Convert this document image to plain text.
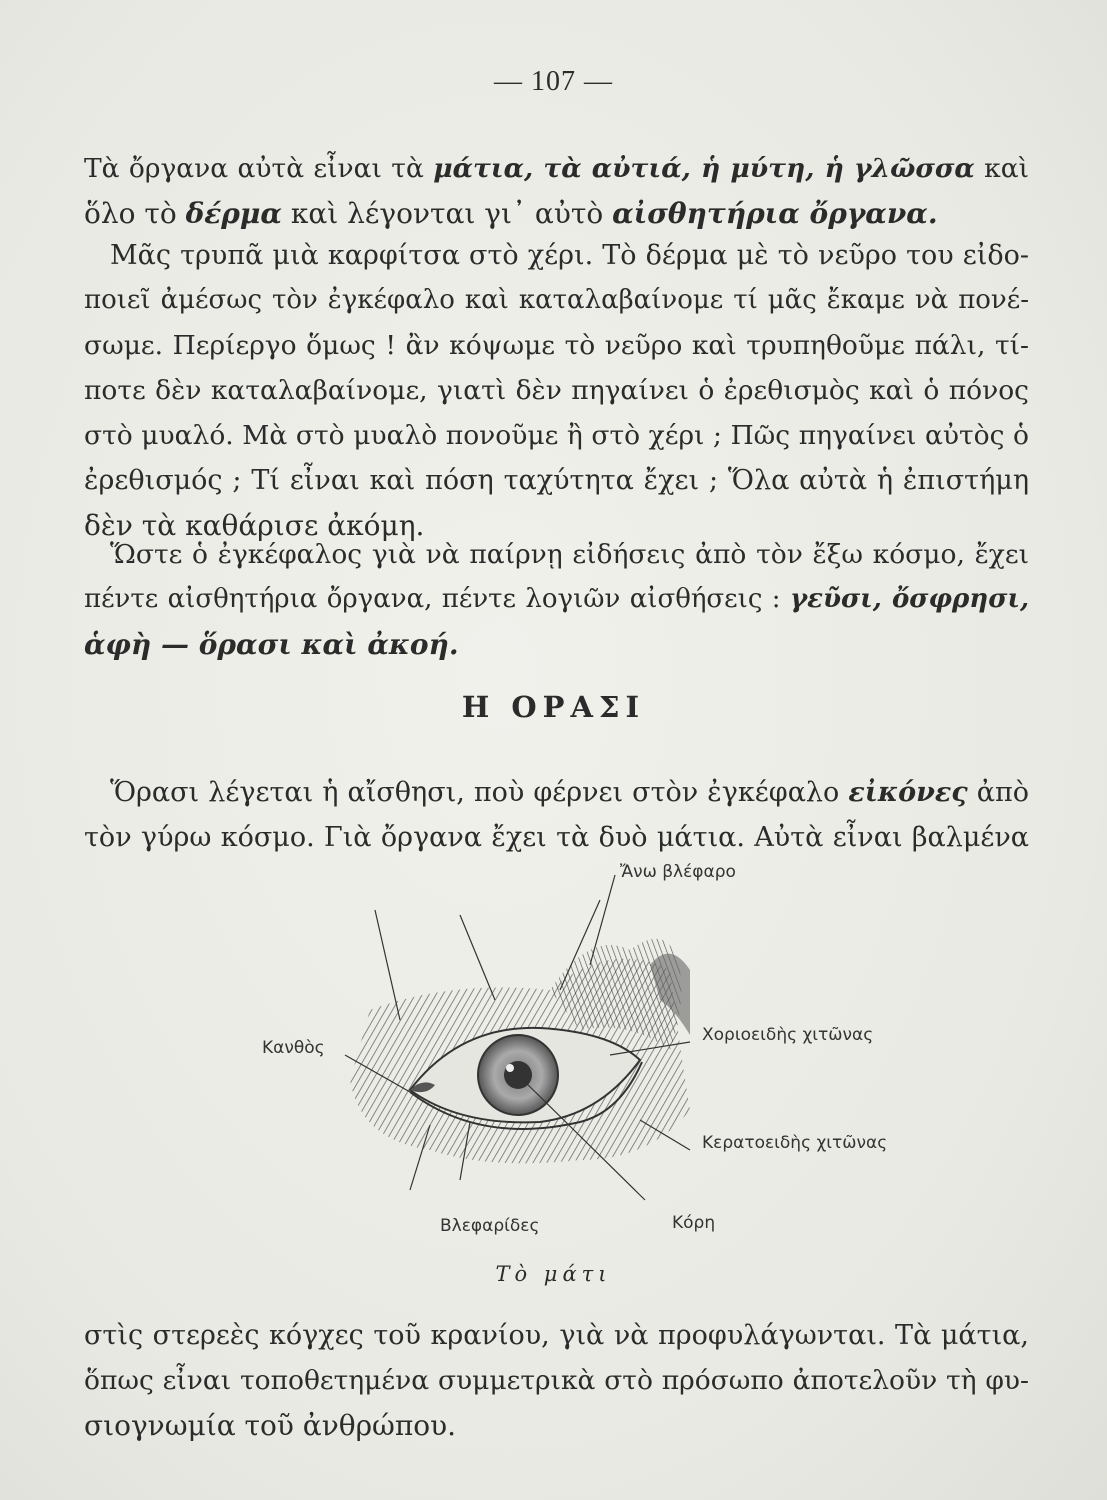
— 107 —
Τὰ ὄργανα αὐτὰ εἶναι τὰ μάτια, τὰ αὐτιά, ἡ μύτη, ἡ γλῶσσα καὶ
ὅλο τὸ δέρμα καὶ λέγονται γι᾿ αὐτὸ αἰσθητήρια ὄργανα.
Μᾶς τρυπᾶ μιὰ καρφίτσα στὸ χέρι. Τὸ δέρμα μὲ τὸ νεῦρο του εἰδο-
ποιεῖ ἀμέσως τὸν ἐγκέφαλο καὶ καταλαβαίνομε τί μᾶς ἔκαμε νὰ πονέ-
σωμε. Περίεργο ὅμως ! ἂν κόψωμε τὸ νεῦρο καὶ τρυπηθοῦμε πάλι, τί-
ποτε δὲν καταλαβαίνομε, γιατὶ δὲν πηγαίνει ὁ ἐρεθισμὸς καὶ ὁ πόνος
στὸ μυαλό. Μὰ στὸ μυαλὸ πονοῦμε ἢ στὸ χέρι ; Πῶς πηγαίνει αὐτὸς ὁ
ἐρεθισμός ; Τί εἶναι καὶ πόση ταχύτητα ἔχει ; Ὅλα αὐτὰ ἡ ἐπιστήμη
δὲν τὰ καθάρισε ἀκόμη.
Ὥστε ὁ ἐγκέφαλος γιὰ νὰ παίρνῃ εἰδήσεις ἀπὸ τὸν ἔξω κόσμο, ἔχει
πέντε αἰσθητήρια ὄργανα, πέντε λογιῶν αἰσθήσεις : γεῦσι, ὄσφρησι,
ἁφὴ — ὅρασι καὶ ἀκοή.
Η ΟΡΑΣΙ
Ὅρασι λέγεται ἡ αἴσθησι, ποὺ φέρνει στὸν ἐγκέφαλο εἰκόνες ἀπὸ
τὸν γύρω κόσμο. Γιὰ ὄργανα ἔχει τὰ δυὸ μάτια. Αὐτὰ εἶναι βαλμένα
Ἄνω βλέφαρο
Κανθὸς
Χοριοειδὴς χιτῶνας
Κερατοειδὴς χιτῶνας
Βλεφαρίδες	Κόρη
Τὸ μάτι
στὶς στερεὲς κόγχες τοῦ κρανίου, γιὰ νὰ προφυλάγωνται. Τὰ μάτια,
ὅπως εἶναι τοποθετημένα συμμετρικὰ στὸ πρόσωπο ἀποτελοῦν τὴ φυ-
σιογνωμία τοῦ ἀνθρώπου.
